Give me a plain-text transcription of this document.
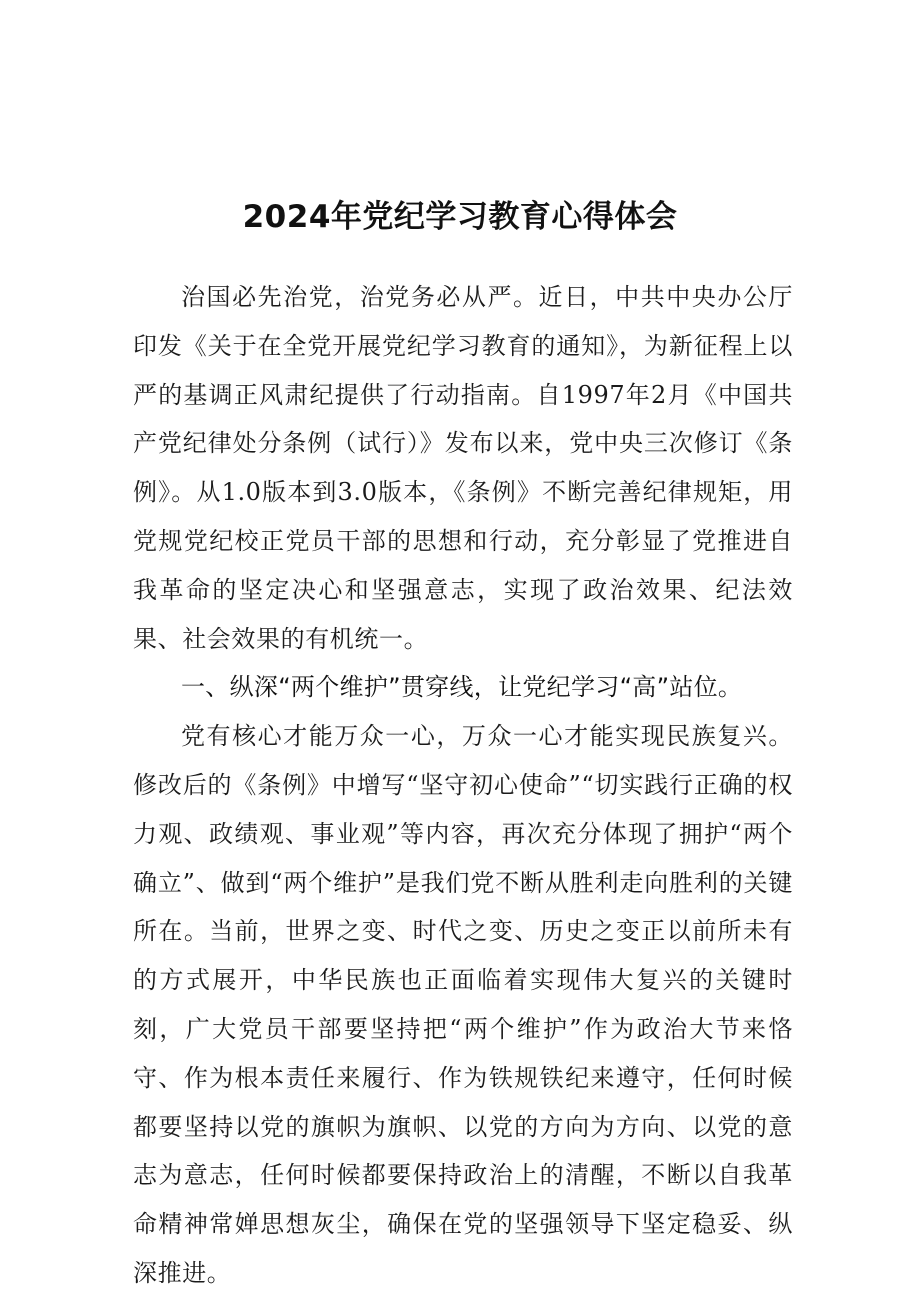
2024年党纪学习教育心得体会

治国必先治党，治党务必从严。近日，中共中央办公厅印发《关于在全党开展党纪学习教育的通知》，为新征程上以严的基调正风肃纪提供了行动指南。自1997年2月《中国共产党纪律处分条例（试行）》发布以来，党中央三次修订《条例》。从1.0版本到3.0版本，《条例》不断完善纪律规矩，用党规党纪校正党员干部的思想和行动，充分彰显了党推进自我革命的坚定决心和坚强意志，实现了政治效果、纪法效果、社会效果的有机统一。

一、纵深“两个维护”贯穿线，让党纪学习“高”站位。

党有核心才能万众一心，万众一心才能实现民族复兴。修改后的《条例》中增写“坚守初心使命”“切实践行正确的权力观、政绩观、事业观”等内容，再次充分体现了拥护“两个确立”、做到“两个维护”是我们党不断从胜利走向胜利的关键所在。当前，世界之变、时代之变、历史之变正以前所未有的方式展开，中华民族也正面临着实现伟大复兴的关键时刻，广大党员干部要坚持把“两个维护”作为政治大节来恪守、作为根本责任来履行、作为铁规铁纪来遵守，任何时候都要坚持以党的旗帜为旗帜、以党的方向为方向、以党的意志为意志，任何时候都要保持政治上的清醒，不断以自我革命精神常婵思想灰尘，确保在党的坚强领导下坚定稳妥、纵深推进。
